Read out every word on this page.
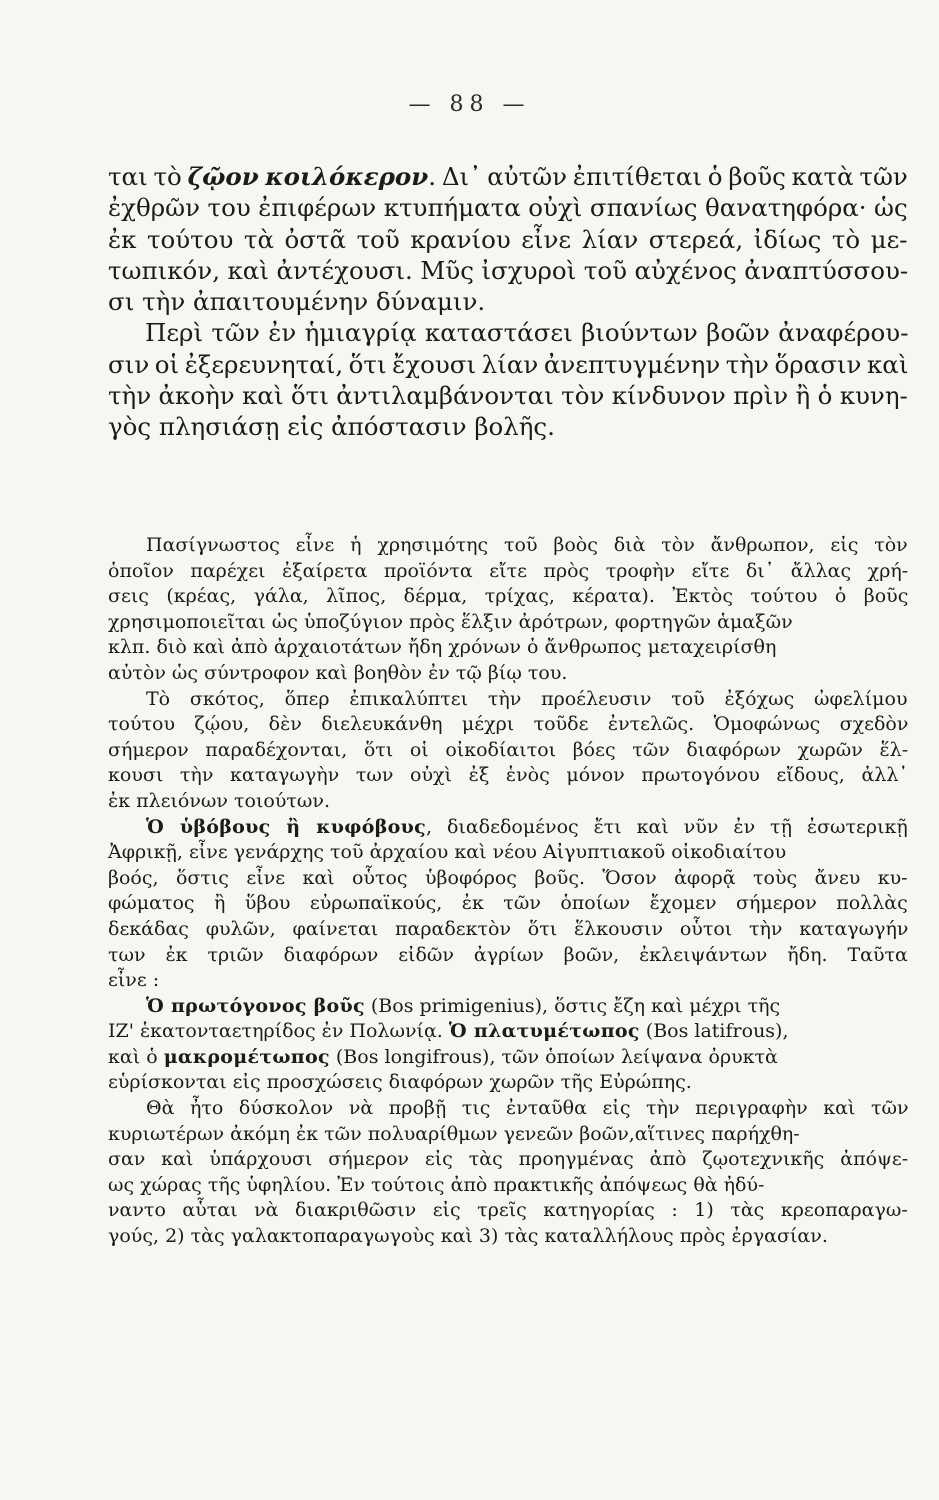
— 88 —
ται τὸ ζῷον κοιλόκερον. Δι᾽ αὐτῶν ἐπιτίθεται ὁ βοῦς κατὰ τῶν
ἐχθρῶν του ἐπιφέρων κτυπήματα οὐχὶ σπανίως θανατηφόρα· ὡς
ἐκ τούτου τὰ ὀστᾶ τοῦ κρανίου εἶνε λίαν στερεά, ἰδίως τὸ με-
τωπικόν, καὶ ἀντέχουσι. Μῦς ἰσχυροὶ τοῦ αὐχένος ἀναπτύσσου-
σι τὴν ἀπαιτουμένην δύναμιν.
Περὶ τῶν ἐν ἡμιαγρίᾳ καταστάσει βιούντων βοῶν ἀναφέρου-
σιν οἱ ἐξερευνηταί, ὅτι ἔχουσι λίαν ἀνεπτυγμένην τὴν ὅρασιν καὶ
τὴν ἀκοὴν καὶ ὅτι ἀντιλαμβάνονται τὸν κίνδυνον πρὶν ἢ ὁ κυνη-
γὸς πλησιάσῃ εἰς ἀπόστασιν βολῆς.
Πασίγνωστος εἶνε ἡ χρησιμότης τοῦ βοὸς διὰ τὸν ἄνθρωπον, εἰς τὸν
ὁποῖον παρέχει ἐξαίρετα προϊόντα εἴτε πρὸς τροφὴν εἴτε δι᾽ ἄλλας χρή-
σεις (κρέας, γάλα, λῖπος, δέρμα, τρίχας, κέρατα). Ἐκτὸς τούτου ὁ βοῦς
χρησιμοποιεῖται ὡς ὑποζύγιον πρὸς ἕλξιν ἀρότρων, φορτηγῶν ἁμαξῶν
κλπ. διὸ καὶ ἀπὸ ἀρχαιοτάτων ἤδη χρόνων ὁ ἄνθρωπος μεταχειρίσθη
αὐτὸν ὡς σύντροφον καὶ βοηθὸν ἐν τῷ βίῳ του.
Τὸ σκότος, ὅπερ ἐπικαλύπτει τὴν προέλευσιν τοῦ ἐξόχως ὠφελίμου
τούτου ζῴου, δὲν διελευκάνθη μέχρι τοῦδε ἐντελῶς. Ὁμοφώνως σχεδὸν
σήμερον παραδέχονται, ὅτι οἱ οἰκοδίαιτοι βόες τῶν διαφόρων χωρῶν ἕλ-
κουσι τὴν καταγωγὴν των οὐχὶ ἐξ ἑνὸς μόνον πρωτογόνου εἴδους, ἀλλ᾽
ἐκ πλειόνων τοιούτων.
Ὁ ὑβόβους ἢ κυφόβους, διαδεδομένος ἔτι καὶ νῦν ἐν τῇ ἐσωτερικῇ
Ἀφρικῇ, εἶνε γενάρχης τοῦ ἀρχαίου καὶ νέου Αἰγυπτιακοῦ οἰκοδιαίτου
βοός, ὅστις εἶνε καὶ οὗτος ὑβοφόρος βοῦς. Ὅσον ἀφορᾷ τοὺς ἄνευ κυ-
φώματος ἢ ὕβου εὐρωπαϊκούς, ἐκ τῶν ὁποίων ἔχομεν σήμερον πολλὰς
δεκάδας φυλῶν, φαίνεται παραδεκτὸν ὅτι ἕλκουσιν οὗτοι τὴν καταγωγήν
των ἐκ τριῶν διαφόρων εἰδῶν ἀγρίων βοῶν, ἐκλειψάντων ἤδη. Ταῦτα
εἶνε :
Ὁ πρωτόγονος βοῦς (Bos primigenius), ὅστις ἔζη καὶ μέχρι τῆς
ΙΖ' ἑκατονταετηρίδος ἐν Πολωνίᾳ. Ὁ πλατυμέτωπος (Bos latifrous),
καὶ ὁ μακρομέτωπος (Bos longifrous), τῶν ὁποίων λείψανα ὀρυκτὰ
εὑρίσκονται εἰς προσχώσεις διαφόρων χωρῶν τῆς Εὐρώπης.
Θὰ ἦτο δύσκολον νὰ προβῇ τις ἐνταῦθα εἰς τὴν περιγραφὴν καὶ τῶν
κυριωτέρων ἀκόμη ἐκ τῶν πολυαρίθμων γενεῶν βοῶν,αἵτινες παρήχθη-
σαν καὶ ὑπάρχουσι σήμερον εἰς τὰς προηγμένας ἀπὸ ζῳοτεχνικῆς ἀπόψε-
ως χώρας τῆς ὑφηλίου. Ἐν τούτοις ἀπὸ πρακτικῆς ἀπόψεως θὰ ἠδύ-
ναντο αὗται νὰ διακριθῶσιν εἰς τρεῖς κατηγορίας : 1) τὰς κρεοπαραγω-
γούς, 2) τὰς γαλακτοπαραγωγοὺς καὶ 3) τὰς καταλλήλους πρὸς ἐργασίαν.
